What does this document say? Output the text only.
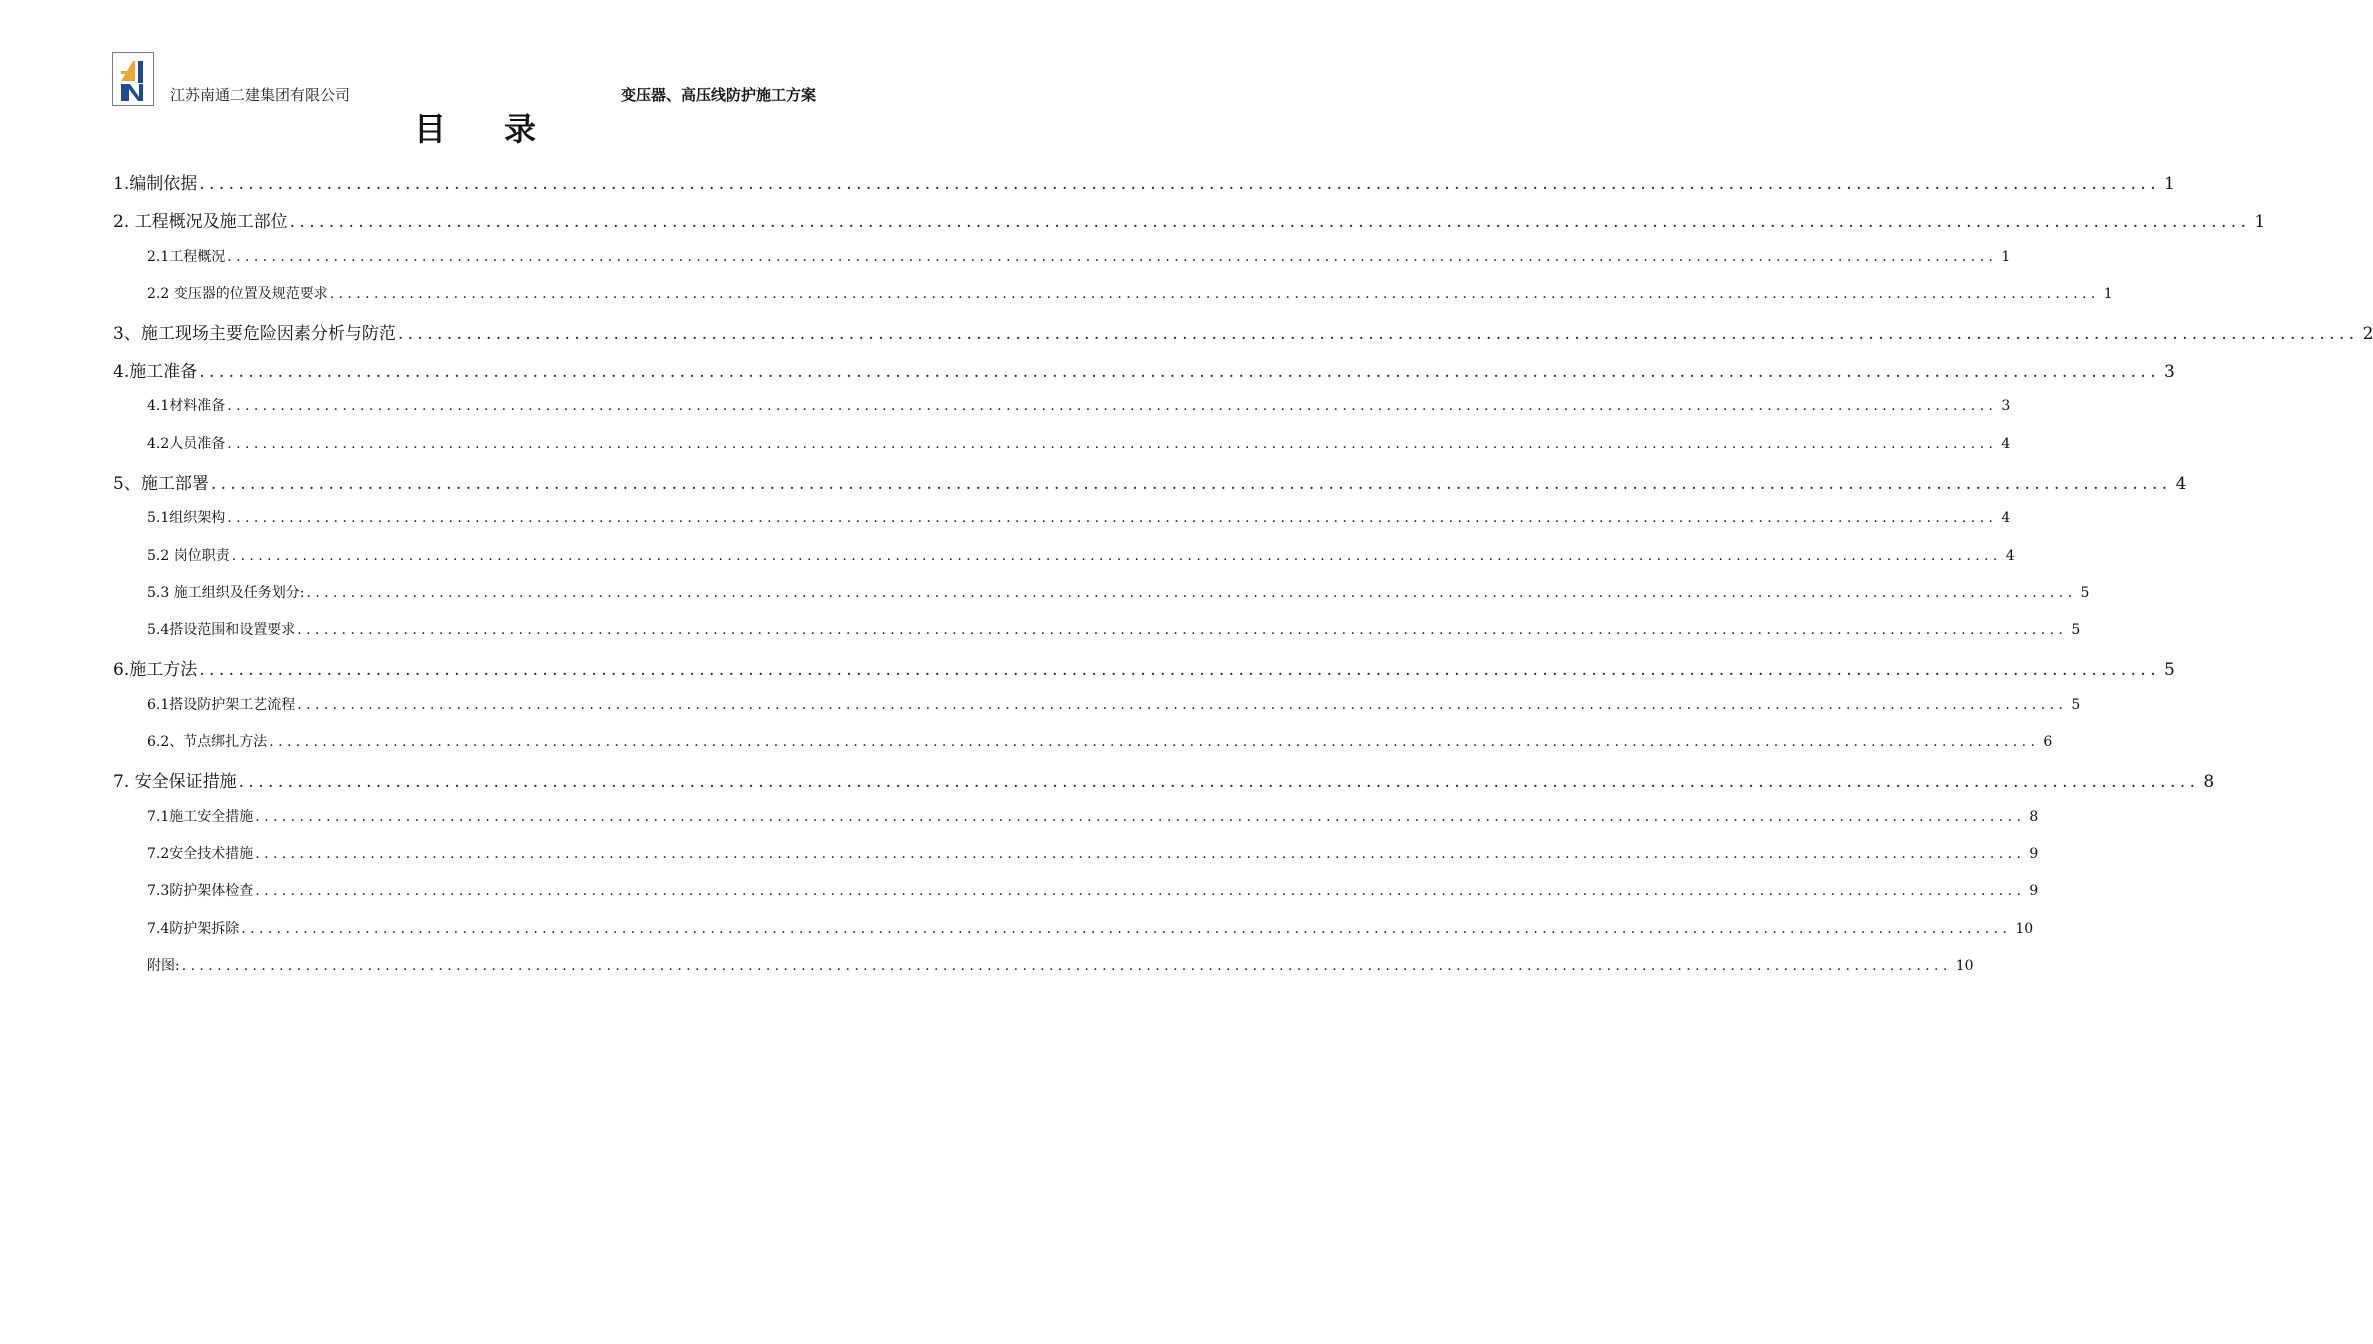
江苏南通二建集团有限公司	变压器、高压线防护施工方案
目录
1.编制依据 ........................................................................................................................................................................................................ 1
2. 工程概况及施工部位 ........................................................................................................................................................................................................ 1
2.1工程概况 ........................................................................................................................................................................................................ 1
2.2 变压器的位置及规范要求 ........................................................................................................................................................................................................ 1
3、施工现场主要危险因素分析与防范 ........................................................................................................................................................................................................ 2
4.施工准备 ........................................................................................................................................................................................................ 3
4.1材料准备 ........................................................................................................................................................................................................ 3
4.2人员准备 ........................................................................................................................................................................................................ 4
5、施工部署 ........................................................................................................................................................................................................ 4
5.1组织架构 ........................................................................................................................................................................................................ 4
5.2 岗位职责 ........................................................................................................................................................................................................ 4
5.3 施工组织及任务划分: ........................................................................................................................................................................................................ 5
5.4搭设范围和设置要求 ........................................................................................................................................................................................................ 5
6.施工方法 ........................................................................................................................................................................................................ 5
6.1搭设防护架工艺流程 ........................................................................................................................................................................................................ 5
6.2、节点绑扎方法 ........................................................................................................................................................................................................ 6
7. 安全保证措施 ........................................................................................................................................................................................................ 8
7.1施工安全措施 ........................................................................................................................................................................................................ 8
7.2安全技术措施 ........................................................................................................................................................................................................ 9
7.3防护架体检查 ........................................................................................................................................................................................................ 9
7.4防护架拆除 ........................................................................................................................................................................................................ 10
附图: ........................................................................................................................................................................................................ 10
